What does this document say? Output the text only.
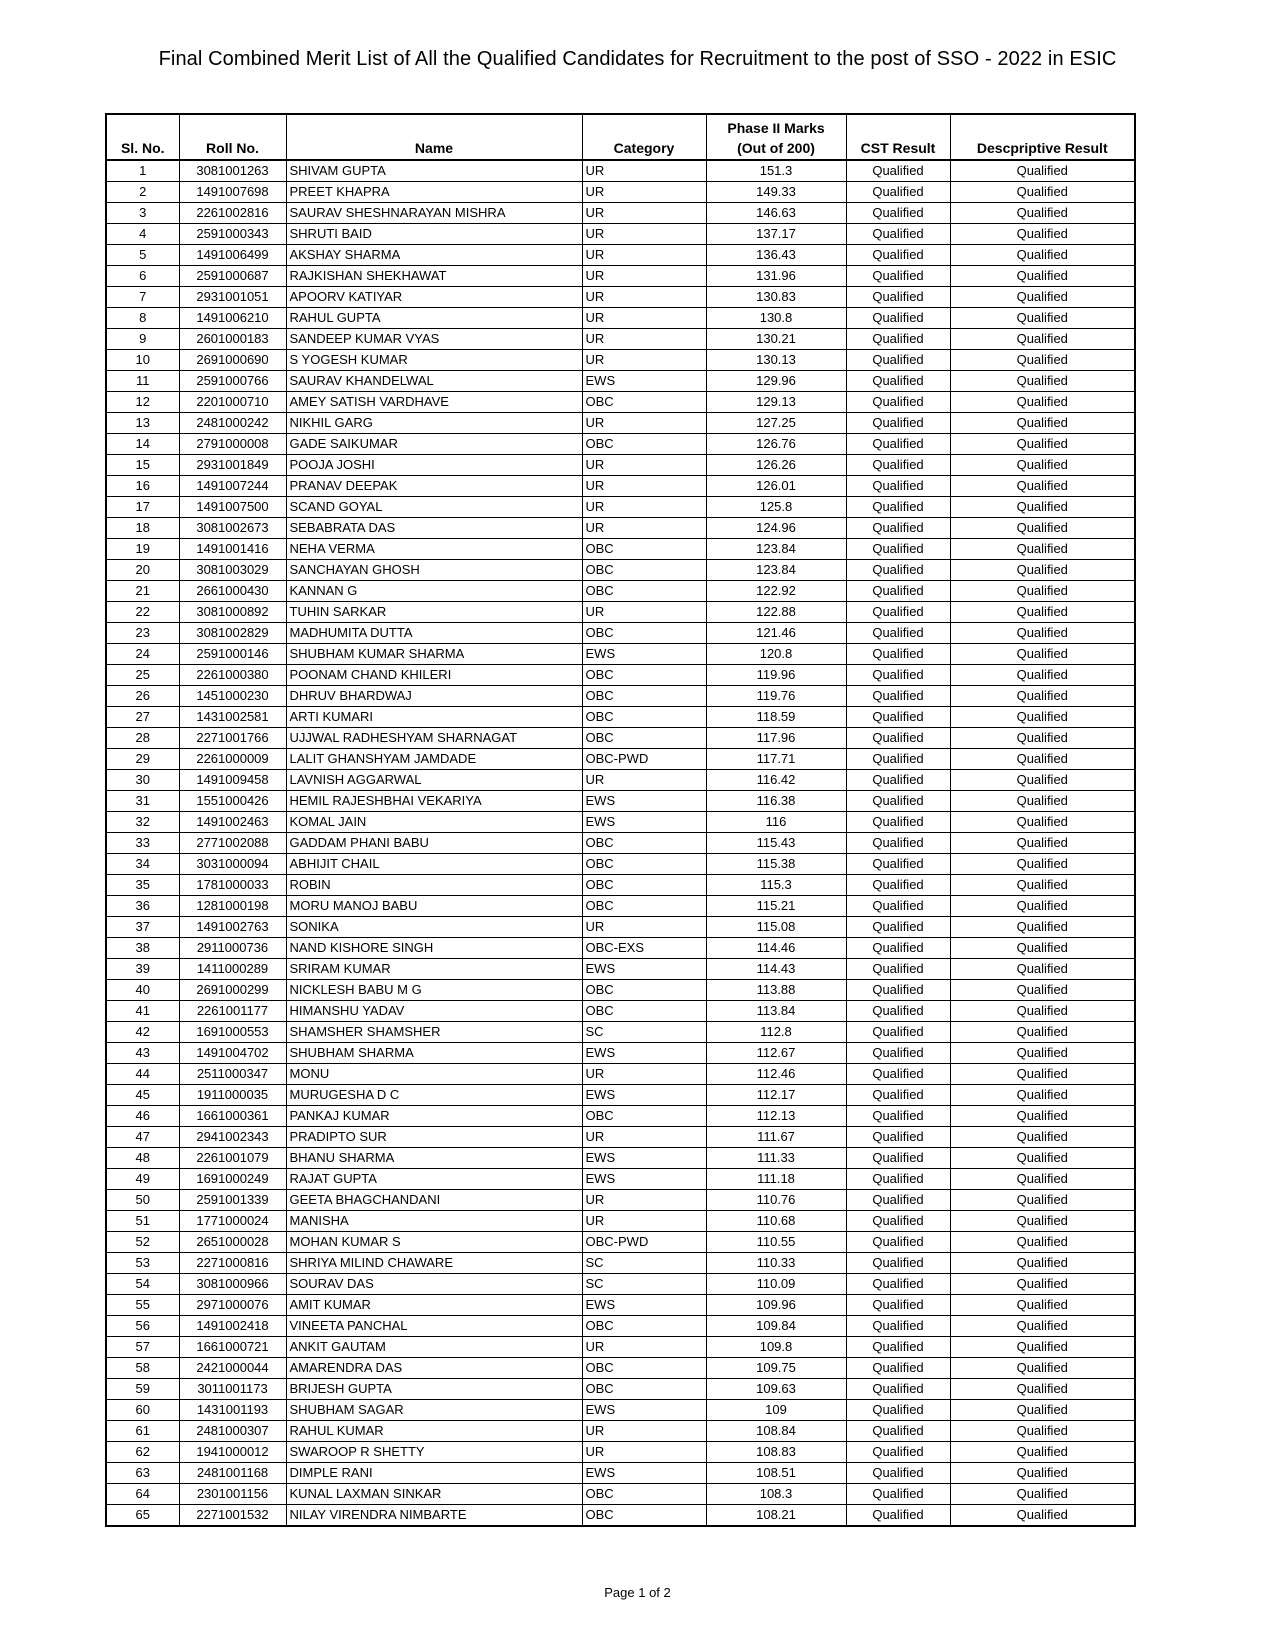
Final Combined Merit List of All the Qualified Candidates for Recruitment to the post of SSO - 2022 in ESIC
Sl. No.	Roll No.	Name	Category	Phase II Marks
(Out of 200)	CST Result	Descpriptive Result
1	3081001263	SHIVAM GUPTA	UR	151.3	Qualified	Qualified
2	1491007698	PREET KHAPRA	UR	149.33	Qualified	Qualified
3	2261002816	SAURAV SHESHNARAYAN MISHRA	UR	146.63	Qualified	Qualified
4	2591000343	SHRUTI BAID	UR	137.17	Qualified	Qualified
5	1491006499	AKSHAY SHARMA	UR	136.43	Qualified	Qualified
6	2591000687	RAJKISHAN SHEKHAWAT	UR	131.96	Qualified	Qualified
7	2931001051	APOORV KATIYAR	UR	130.83	Qualified	Qualified
8	1491006210	RAHUL GUPTA	UR	130.8	Qualified	Qualified
9	2601000183	SANDEEP KUMAR VYAS	UR	130.21	Qualified	Qualified
10	2691000690	S YOGESH KUMAR	UR	130.13	Qualified	Qualified
11	2591000766	SAURAV KHANDELWAL	EWS	129.96	Qualified	Qualified
12	2201000710	AMEY SATISH VARDHAVE	OBC	129.13	Qualified	Qualified
13	2481000242	NIKHIL GARG	UR	127.25	Qualified	Qualified
14	2791000008	GADE SAIKUMAR	OBC	126.76	Qualified	Qualified
15	2931001849	POOJA JOSHI	UR	126.26	Qualified	Qualified
16	1491007244	PRANAV DEEPAK	UR	126.01	Qualified	Qualified
17	1491007500	SCAND GOYAL	UR	125.8	Qualified	Qualified
18	3081002673	SEBABRATA DAS	UR	124.96	Qualified	Qualified
19	1491001416	NEHA VERMA	OBC	123.84	Qualified	Qualified
20	3081003029	SANCHAYAN GHOSH	OBC	123.84	Qualified	Qualified
21	2661000430	KANNAN G	OBC	122.92	Qualified	Qualified
22	3081000892	TUHIN SARKAR	UR	122.88	Qualified	Qualified
23	3081002829	MADHUMITA DUTTA	OBC	121.46	Qualified	Qualified
24	2591000146	SHUBHAM KUMAR SHARMA	EWS	120.8	Qualified	Qualified
25	2261000380	POONAM CHAND KHILERI	OBC	119.96	Qualified	Qualified
26	1451000230	DHRUV BHARDWAJ	OBC	119.76	Qualified	Qualified
27	1431002581	ARTI KUMARI	OBC	118.59	Qualified	Qualified
28	2271001766	UJJWAL RADHESHYAM SHARNAGAT	OBC	117.96	Qualified	Qualified
29	2261000009	LALIT GHANSHYAM JAMDADE	OBC-PWD	117.71	Qualified	Qualified
30	1491009458	LAVNISH AGGARWAL	UR	116.42	Qualified	Qualified
31	1551000426	HEMIL RAJESHBHAI VEKARIYA	EWS	116.38	Qualified	Qualified
32	1491002463	KOMAL JAIN	EWS	116	Qualified	Qualified
33	2771002088	GADDAM PHANI BABU	OBC	115.43	Qualified	Qualified
34	3031000094	ABHIJIT CHAIL	OBC	115.38	Qualified	Qualified
35	1781000033	ROBIN	OBC	115.3	Qualified	Qualified
36	1281000198	MORU MANOJ BABU	OBC	115.21	Qualified	Qualified
37	1491002763	SONIKA	UR	115.08	Qualified	Qualified
38	2911000736	NAND KISHORE SINGH	OBC-EXS	114.46	Qualified	Qualified
39	1411000289	SRIRAM KUMAR	EWS	114.43	Qualified	Qualified
40	2691000299	NICKLESH BABU M G	OBC	113.88	Qualified	Qualified
41	2261001177	HIMANSHU YADAV	OBC	113.84	Qualified	Qualified
42	1691000553	SHAMSHER SHAMSHER	SC	112.8	Qualified	Qualified
43	1491004702	SHUBHAM SHARMA	EWS	112.67	Qualified	Qualified
44	2511000347	MONU	UR	112.46	Qualified	Qualified
45	1911000035	MURUGESHA D C	EWS	112.17	Qualified	Qualified
46	1661000361	PANKAJ KUMAR	OBC	112.13	Qualified	Qualified
47	2941002343	PRADIPTO SUR	UR	111.67	Qualified	Qualified
48	2261001079	BHANU SHARMA	EWS	111.33	Qualified	Qualified
49	1691000249	RAJAT GUPTA	EWS	111.18	Qualified	Qualified
50	2591001339	GEETA BHAGCHANDANI	UR	110.76	Qualified	Qualified
51	1771000024	MANISHA	UR	110.68	Qualified	Qualified
52	2651000028	MOHAN KUMAR S	OBC-PWD	110.55	Qualified	Qualified
53	2271000816	SHRIYA MILIND CHAWARE	SC	110.33	Qualified	Qualified
54	3081000966	SOURAV DAS	SC	110.09	Qualified	Qualified
55	2971000076	AMIT KUMAR	EWS	109.96	Qualified	Qualified
56	1491002418	VINEETA PANCHAL	OBC	109.84	Qualified	Qualified
57	1661000721	ANKIT GAUTAM	UR	109.8	Qualified	Qualified
58	2421000044	AMARENDRA DAS	OBC	109.75	Qualified	Qualified
59	3011001173	BRIJESH GUPTA	OBC	109.63	Qualified	Qualified
60	1431001193	SHUBHAM SAGAR	EWS	109	Qualified	Qualified
61	2481000307	RAHUL KUMAR	UR	108.84	Qualified	Qualified
62	1941000012	SWAROOP R SHETTY	UR	108.83	Qualified	Qualified
63	2481001168	DIMPLE RANI	EWS	108.51	Qualified	Qualified
64	2301001156	KUNAL LAXMAN SINKAR	OBC	108.3	Qualified	Qualified
65	2271001532	NILAY VIRENDRA NIMBARTE	OBC	108.21	Qualified	Qualified
Page 1 of 2
